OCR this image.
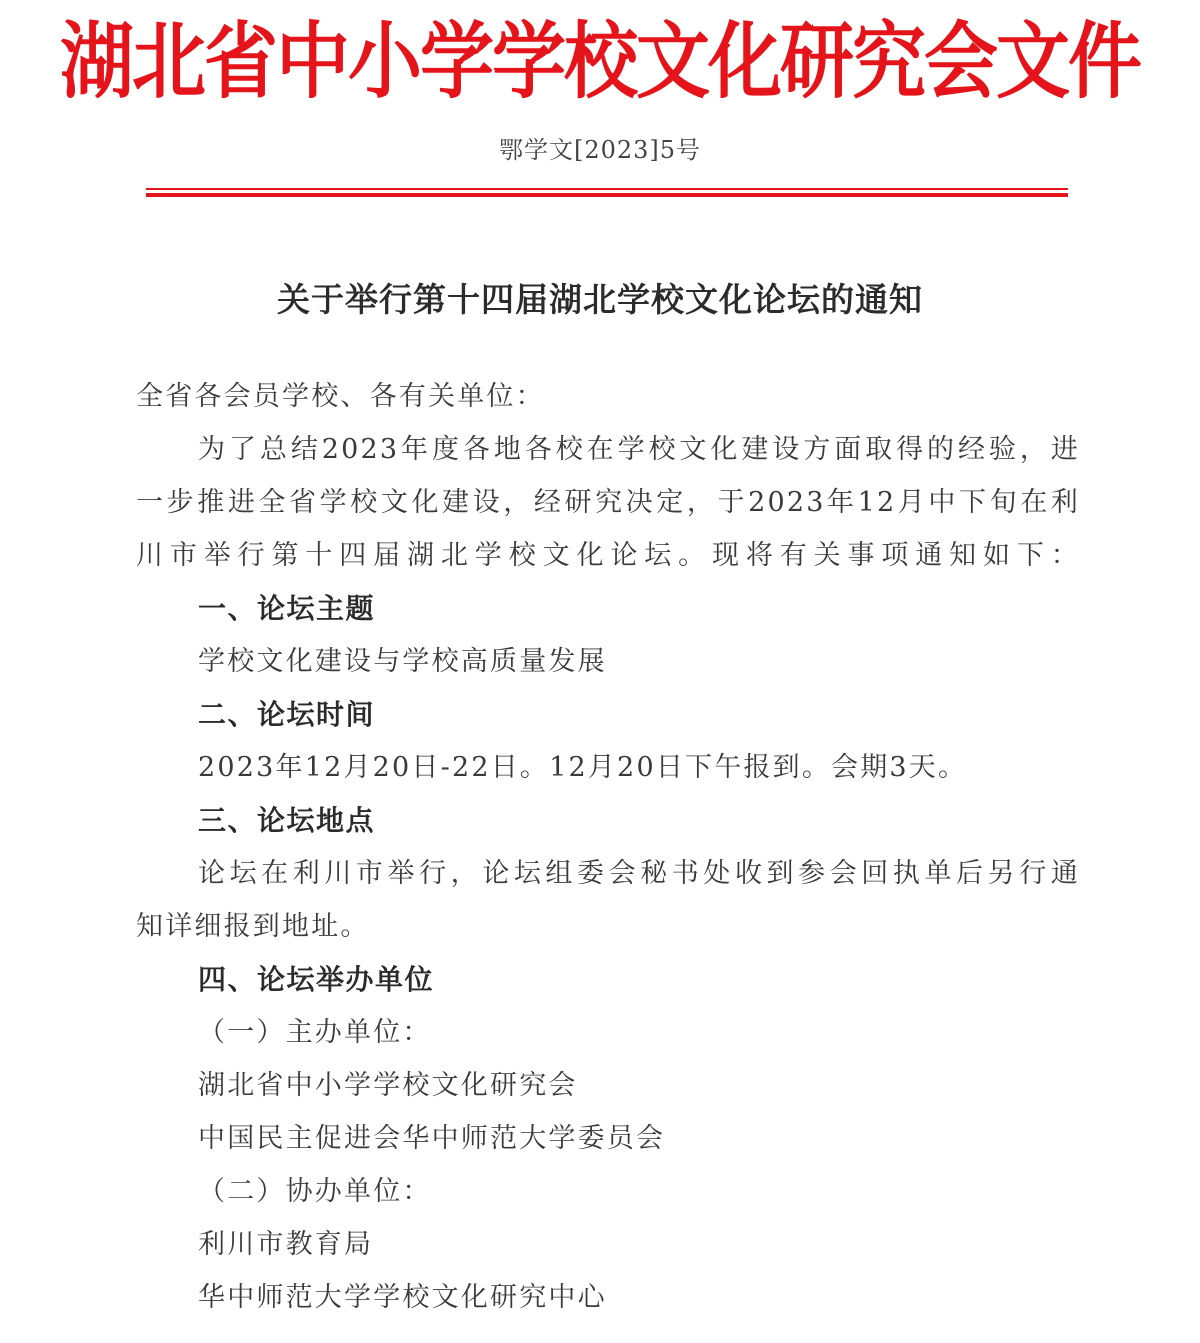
湖北省中小学学校文化研究会文件
鄂学文[2023]5号
关于举行第十四届湖北学校文化论坛的通知
全省各会员学校、各有关单位：
为了总结2023年度各地各校在学校文化建设方面取得的经验，进
一步推进全省学校文化建设，经研究决定，于2023年12月中下旬在利
川市举行第十四届湖北学校文化论坛。现将有关事项通知如下：
一、论坛主题
学校文化建设与学校高质量发展
二、论坛时间
2023年12月20日-22日。12月20日下午报到。会期3天。
三、论坛地点
论坛在利川市举行，论坛组委会秘书处收到参会回执单后另行通
知详细报到地址。
四、论坛举办单位
（一）主办单位：
湖北省中小学学校文化研究会
中国民主促进会华中师范大学委员会
（二）协办单位：
利川市教育局
华中师范大学学校文化研究中心
